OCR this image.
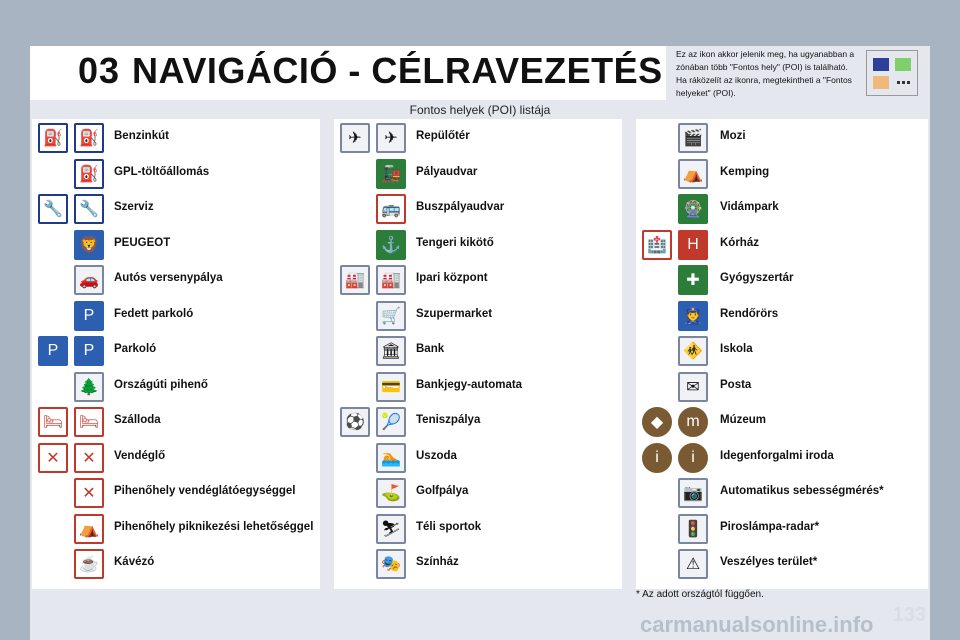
03 NAVIGÁCIÓ - CÉLRAVEZETÉS Ez az ikon akkor jelenik meg, ha ugyanabban a zónában több "Fontos hely" (POI) is található. Ha ráközelít az ikonra, megtekintheti a "Fontos helyeket" (POI).
Fontos helyek (POI) listája
⛽	⛽	Benzinkút
⛽	GPL-töltőállomás
🔧	🔧	Szerviz
🦁	PEUGEOT
🚗	Autós versenypálya
P	Fedett parkoló
P	P	Parkoló
🌲	Országúti pihenő
🛏 🛏	Szálloda
✕	✕	Vendéglő
✕	Pihenőhely vendéglátóegységgel
⛺	Pihenőhely piknikezési lehetőséggel
☕	Kávézó
✈	✈	Repülőtér
🚂	Pályaudvar
🚌	Buszpályaudvar
⚓	Tengeri kikötő
🏭	🏭	Ipari központ
🛒	Szupermarket
🏛	Bank
💳	Bankjegy-automata
⚽	🎾	Teniszpálya
🏊	Uszoda
⛳	Golfpálya
⛷	Téli sportok
🎭	Színház
🎬	Mozi
⛺	Kemping
🎡	Vidámpark
🏥	H	Kórház
✚	Gyógyszertár
👮	Rendőrörs
🚸	Iskola
✉	Posta
◆	m	Múzeum
i	i	Idegenforgalmi iroda
📷	Automatikus sebességmérés*
🚦	Piroslámpa-radar*
⚠	Veszélyes terület*
* Az adott országtól függően.
133
carmanualsonline.info
